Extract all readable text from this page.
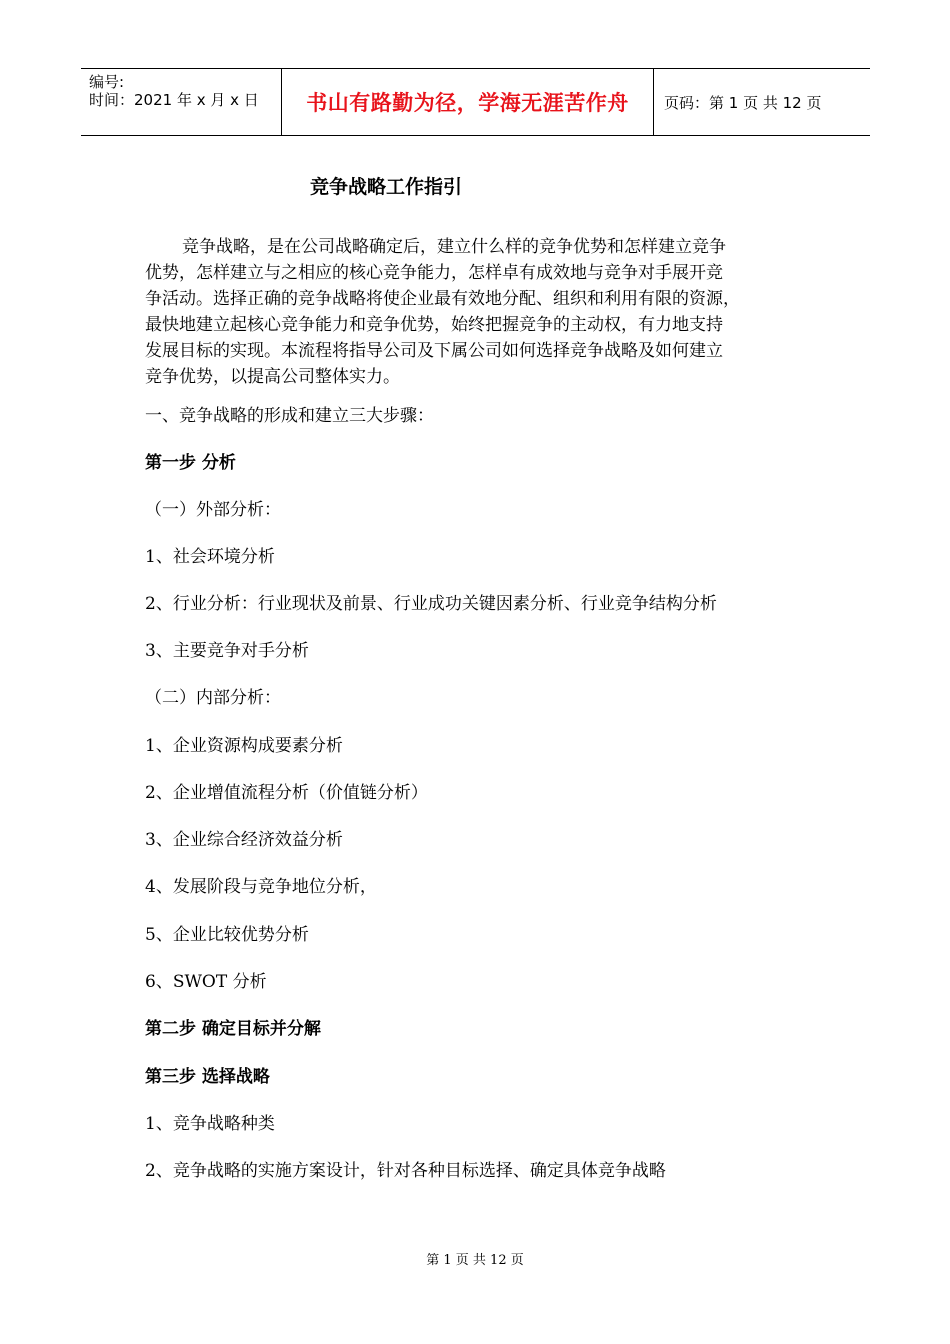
编号:
时间：2021 年 x 月 x 日 书山有路勤为径，学海无涯苦作舟 页码：第 1 页 共 12 页
竞争战略工作指引
竞争战略，是在公司战略确定后，建立什么样的竞争优势和怎样建立竞争
优势，怎样建立与之相应的核心竞争能力，怎样卓有成效地与竞争对手展开竞
争活动。选择正确的竞争战略将使企业最有效地分配、组织和利用有限的资源，
最快地建立起核心竞争能力和竞争优势，始终把握竞争的主动权，有力地支持
发展目标的实现。本流程将指导公司及下属公司如何选择竞争战略及如何建立
竞争优势，以提高公司整体实力。
一、竞争战略的形成和建立三大步骤：
第一步 分析
（一）外部分析：
1、社会环境分析
2、行业分析：行业现状及前景、行业成功关键因素分析、行业竞争结构分析
3、主要竞争对手分析
（二）内部分析：
1、企业资源构成要素分析
2、企业增值流程分析（价值链分析）
3、企业综合经济效益分析
4、发展阶段与竞争地位分析，
5、企业比较优势分析
6、SWOT 分析
第二步 确定目标并分解
第三步 选择战略
1、竞争战略种类
2、竞争战略的实施方案设计，针对各种目标选择、确定具体竞争战略
第 1 页 共 12 页
